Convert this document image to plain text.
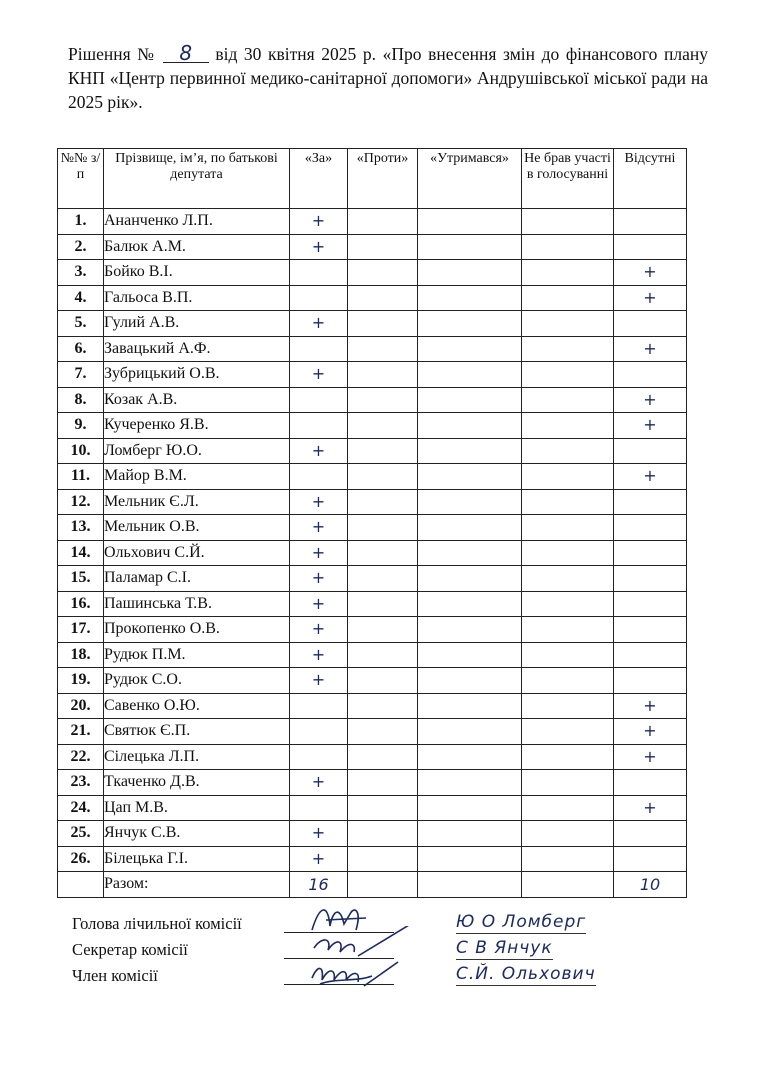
Рішення № 8 від 30 квітня 2025 р. «Про внесення змін до фінансового плану КНП «Центр первинної медико-санітарної допомоги» Андрушівської міської ради на 2025 рік».
№№ з/п	Прізвище, ім’я, по батькові депутата	«За»	«Проти»	«Утримався»	Не брав участі в голосуванні	Відсутні
1.	Ананченко Л.П.	+				
2.	Балюк А.М.	+				
3.	Бойко В.І.					+
4.	Гальоса В.П.					+
5.	Гулий А.В.	+				
6.	Завацький А.Ф.					+
7.	Зубрицький О.В.	+				
8.	Козак А.В.					+
9.	Кучеренко Я.В.					+
10.	Ломберг Ю.О.	+				
11.	Майор В.М.					+
12.	Мельник Є.Л.	+				
13.	Мельник О.В.	+				
14.	Ольхович С.Й.	+				
15.	Паламар С.І.	+				
16.	Пашинська Т.В.	+				
17.	Прокопенко О.В.	+				
18.	Рудюк П.М.	+				
19.	Рудюк С.О.	+				
20.	Савенко О.Ю.					+
21.	Святюк Є.П.					+
22.	Сілецька Л.П.					+
23.	Ткаченко Д.В.	+				
24.	Цап М.В.					+
25.	Янчук С.В.	+				
26.	Білецька Г.І.	+				
	Разом:	16				10
Голова лічильної комісії	Ю О Ломберг
Секретар комісії	С В Янчук
Член комісії	С.Й. Ольхович
